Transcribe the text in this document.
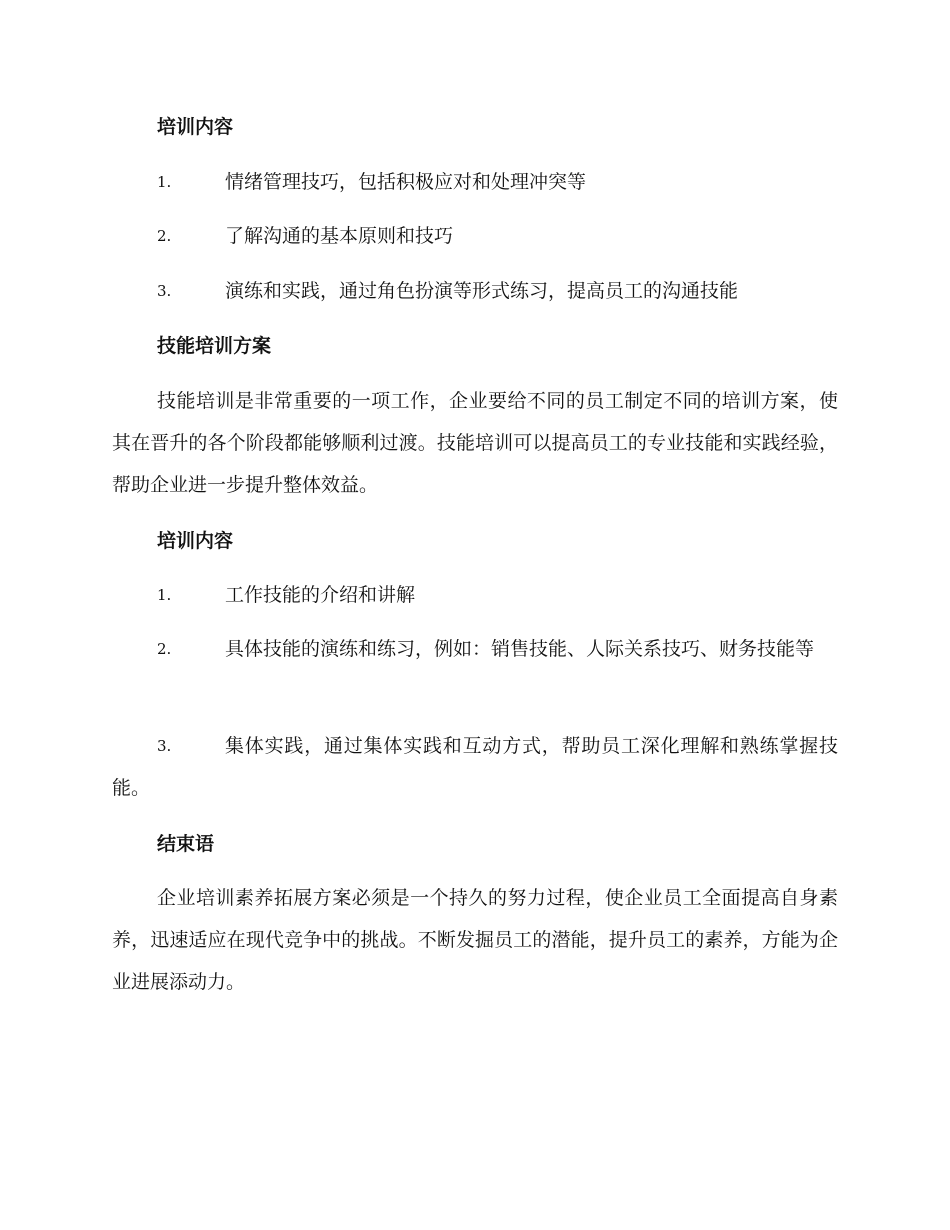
培训内容
1.	情绪管理技巧，包括积极应对和处理冲突等
2.	了解沟通的基本原则和技巧
3.	演练和实践，通过角色扮演等形式练习，提高员工的沟通技能
技能培训方案

技能培训是非常重要的一项工作，企业要给不同的员工制定不同的培训方案，使其在晋升的各个阶段都能够顺利过渡。技能培训可以提高员工的专业技能和实践经验，帮助企业进一步提升整体效益。

培训内容
1.	工作技能的介绍和讲解
2.	具体技能的演练和练习，例如：销售技能、人际关系技巧、财务技能等
3.	集体实践，通过集体实践和互动方式，帮助员工深化理解和熟练掌握技能。
结束语

企业培训素养拓展方案必须是一个持久的努力过程，使企业员工全面提高自身素养，迅速适应在现代竞争中的挑战。不断发掘员工的潜能，提升员工的素养，方能为企业进展添动力。
